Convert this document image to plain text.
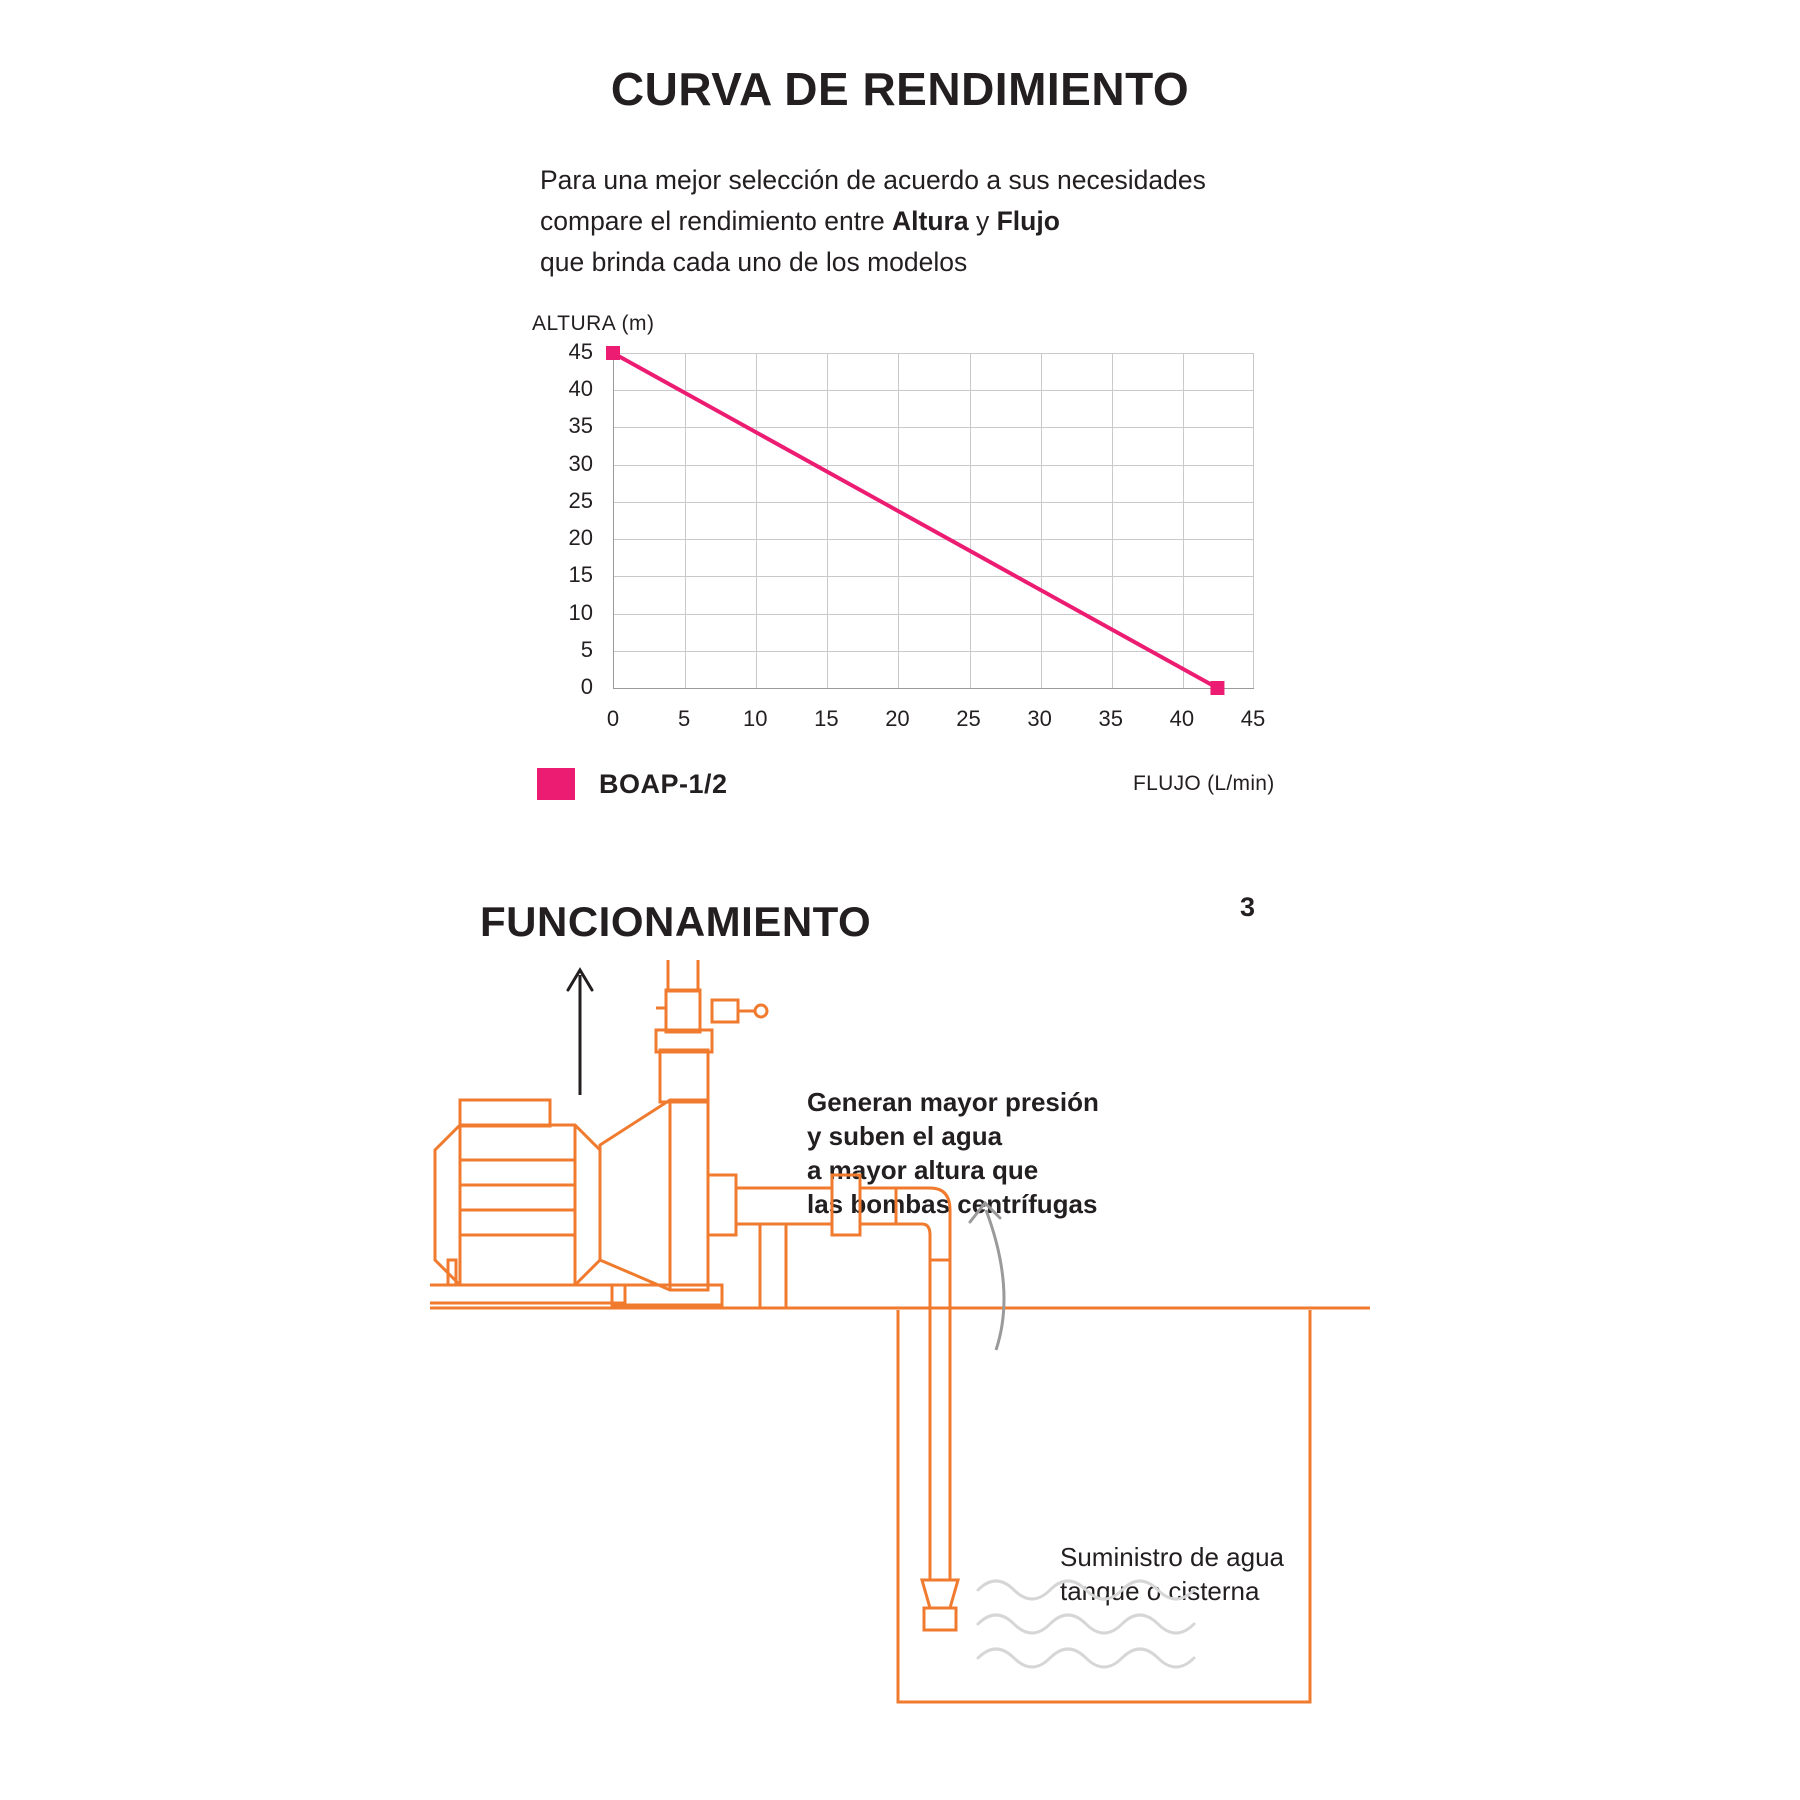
CURVA DE RENDIMIENTO
Para una mejor selección de acuerdo a sus necesidades
compare el rendimiento entre Altura y Flujo
que brinda cada uno de los modelos
ALTURA (m)
FLUJO (L/min)
0
5
10
15
20
25
30
35
40
45
0	5	10	15	20	25	30	35	40	45
BOAP-1/2
3
FUNCIONAMIENTO
Generan mayor presión
y suben el agua
a mayor altura que
las bombas centrífugas
Suministro de agua
tanque o cisterna
